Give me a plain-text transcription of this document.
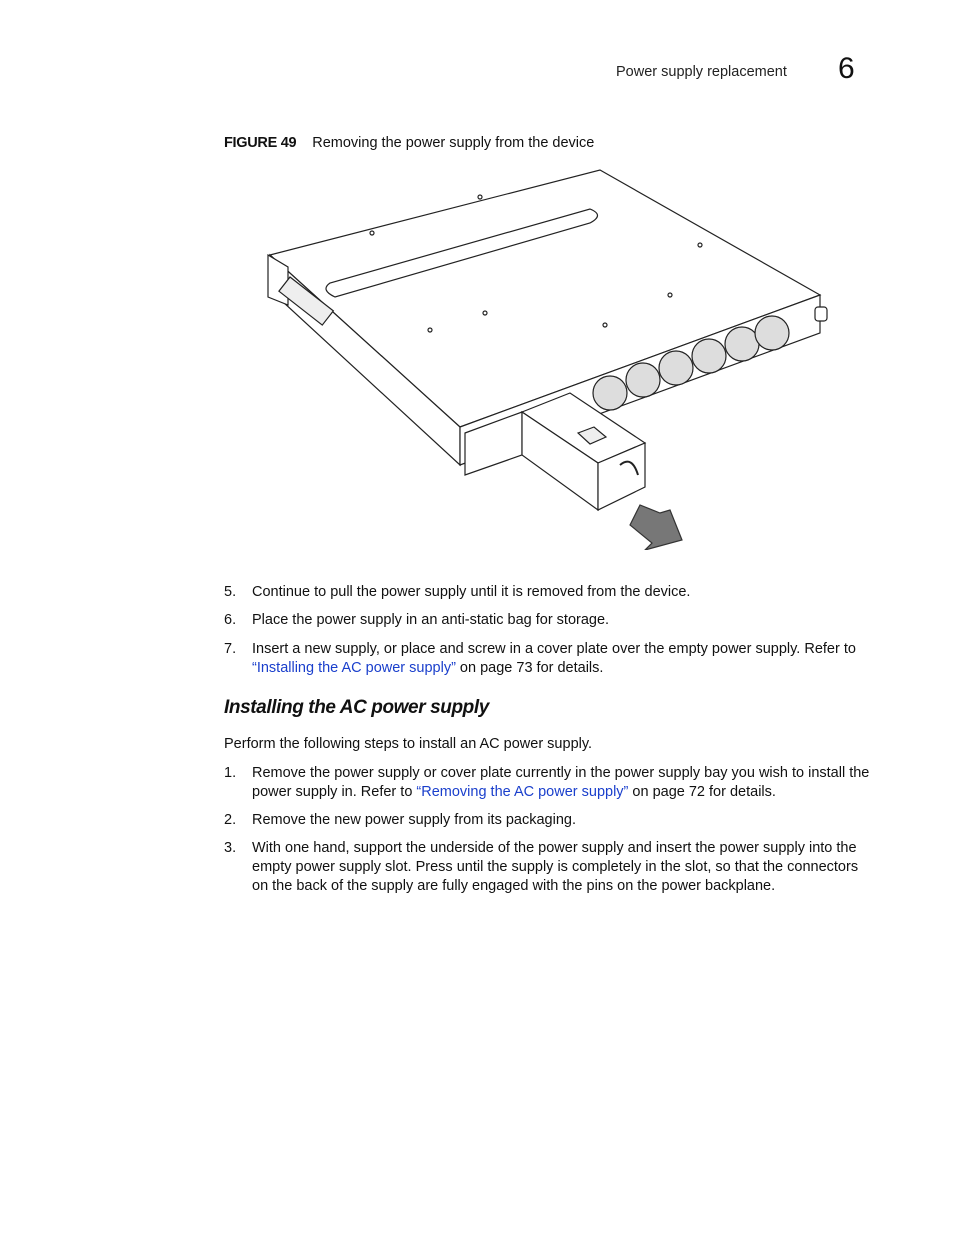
Power supply replacement 6
FIGURE 49 Removing the power supply from the device
5. Continue to pull the power supply until it is removed from the device.
6. Place the power supply in an anti-static bag for storage.
7. Insert a new supply, or place and screw in a cover plate over the empty power supply. Refer to “Installing the AC power supply” on page 73 for details.
Installing the AC power supply
Perform the following steps to install an AC power supply.
1. Remove the power supply or cover plate currently in the power supply bay you wish to install the power supply in. Refer to “Removing the AC power supply” on page 72 for details.
2. Remove the new power supply from its packaging.
3. With one hand, support the underside of the power supply and insert the power supply into the empty power supply slot. Press until the supply is completely in the slot, so that the connectors on the back of the supply are fully engaged with the pins on the power backplane.
